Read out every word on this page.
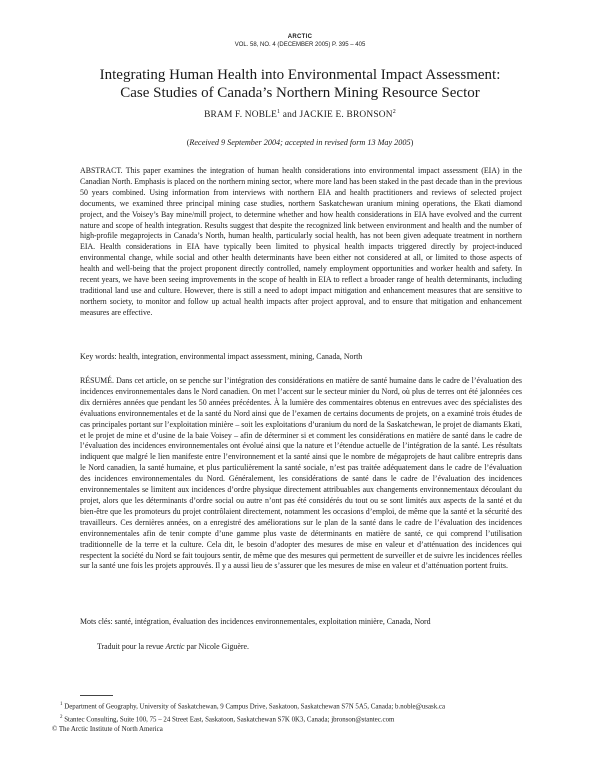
ARCTIC
VOL. 58, NO. 4 (DECEMBER 2005) P. 395 – 405
Integrating Human Health into Environmental Impact Assessment:
Case Studies of Canada’s Northern Mining Resource Sector
BRAM F. NOBLE$^1$ and JACKIE E. BRONSON$^2$
(Received 9 September 2004; accepted in revised form 13 May 2005)

ABSTRACT. This paper examines the integration of human health considerations into environmental impact assessment (EIA) in the Canadian North. Emphasis is placed on the northern mining sector, where more land has been staked in the past decade than in the previous 50 years combined. Using information from interviews with northern EIA and health practitioners and reviews of selected project documents, we examined three principal mining case studies, northern Saskatchewan uranium mining operations, the Ekati diamond project, and the Voisey’s Bay mine/mill project, to determine whether and how health considerations in EIA have evolved and the current nature and scope of health integration. Results suggest that despite the recognized link between environment and health and the number of high-profile megaprojects in Canada’s North, human health, particularly social health, has not been given adequate treatment in northern EIA. Health considerations in EIA have typically been limited to physical health impacts triggered directly by project-induced environmental change, while social and other health determinants have been either not considered at all, or limited to those aspects of health and well-being that the project proponent directly controlled, namely employment opportunities and worker health and safety. In recent years, we have been seeing improvements in the scope of health in EIA to reflect a broader range of health determinants, including traditional land use and culture. However, there is still a need to adopt impact mitigation and enhancement measures that are sensitive to northern society, to monitor and follow up actual health impacts after project approval, and to ensure that mitigation and enhancement measures are effective.

Key words: health, integration, environmental impact assessment, mining, Canada, North

RÉSUMÉ. Dans cet article, on se penche sur l’intégration des considérations en matière de santé humaine dans le cadre de l’évaluation des incidences environnementales dans le Nord canadien. On met l’accent sur le secteur minier du Nord, où plus de terres ont été jalonnées ces dix dernières années que pendant les 50 années précédentes. À la lumière des commentaires obtenus en entrevues avec des spécialistes des évaluations environnementales et de la santé du Nord ainsi que de l’examen de certains documents de projets, on a examiné trois études de cas principales portant sur l’exploitation minière – soit les exploitations d’uranium du nord de la Saskatchewan, le projet de diamants Ekati, et le projet de mine et d’usine de la baie Voisey – afin de déterminer si et comment les considérations en matière de santé dans le cadre de l’évaluation des incidences environnementales ont évolué ainsi que la nature et l’étendue actuelle de l’intégration de la santé. Les résultats indiquent que malgré le lien manifeste entre l’environnement et la santé ainsi que le nombre de mégaprojets de haut calibre entrepris dans le Nord canadien, la santé humaine, et plus particulièrement la santé sociale, n’est pas traitée adéquatement dans le cadre de l’évaluation des incidences environnementales du Nord. Généralement, les considérations de santé dans le cadre de l’évaluation des incidences environnementales se limitent aux incidences d’ordre physique directement attribuables aux changements environnementaux découlant du projet, alors que les déterminants d’ordre social ou autre n’ont pas été considérés du tout ou se sont limités aux aspects de la santé et du bien-être que les promoteurs du projet contrôlaient directement, notamment les occasions d’emploi, de même que la santé et la sécurité des travailleurs. Ces dernières années, on a enregistré des améliorations sur le plan de la santé dans le cadre de l’évaluation des incidences environnementales afin de tenir compte d’une gamme plus vaste de déterminants en matière de santé, ce qui comprend l’utilisation traditionnelle de la terre et la culture. Cela dit, le besoin d’adopter des mesures de mise en valeur et d’atténuation des incidences qui respectent la société du Nord se fait toujours sentir, de même que des mesures qui permettent de surveiller et de suivre les incidences réelles sur la santé une fois les projets approuvés. Il y a aussi lieu de s’assurer que les mesures de mise en valeur et d’atténuation portent fruits.

Mots clés: santé, intégration, évaluation des incidences environnementales, exploitation minière, Canada, Nord

Traduit pour la revue Arctic par Nicole Giguère.

$^1$ Department of Geography, University of Saskatchewan, 9 Campus Drive, Saskatoon, Saskatchewan S7N 5A5, Canada; b.noble@usask.ca
$^2$ Stantec Consulting, Suite 100, 75 – 24 Street East, Saskatoon, Saskatchewan S7K 0K3, Canada; jbronson@stantec.com
© The Arctic Institute of North America
